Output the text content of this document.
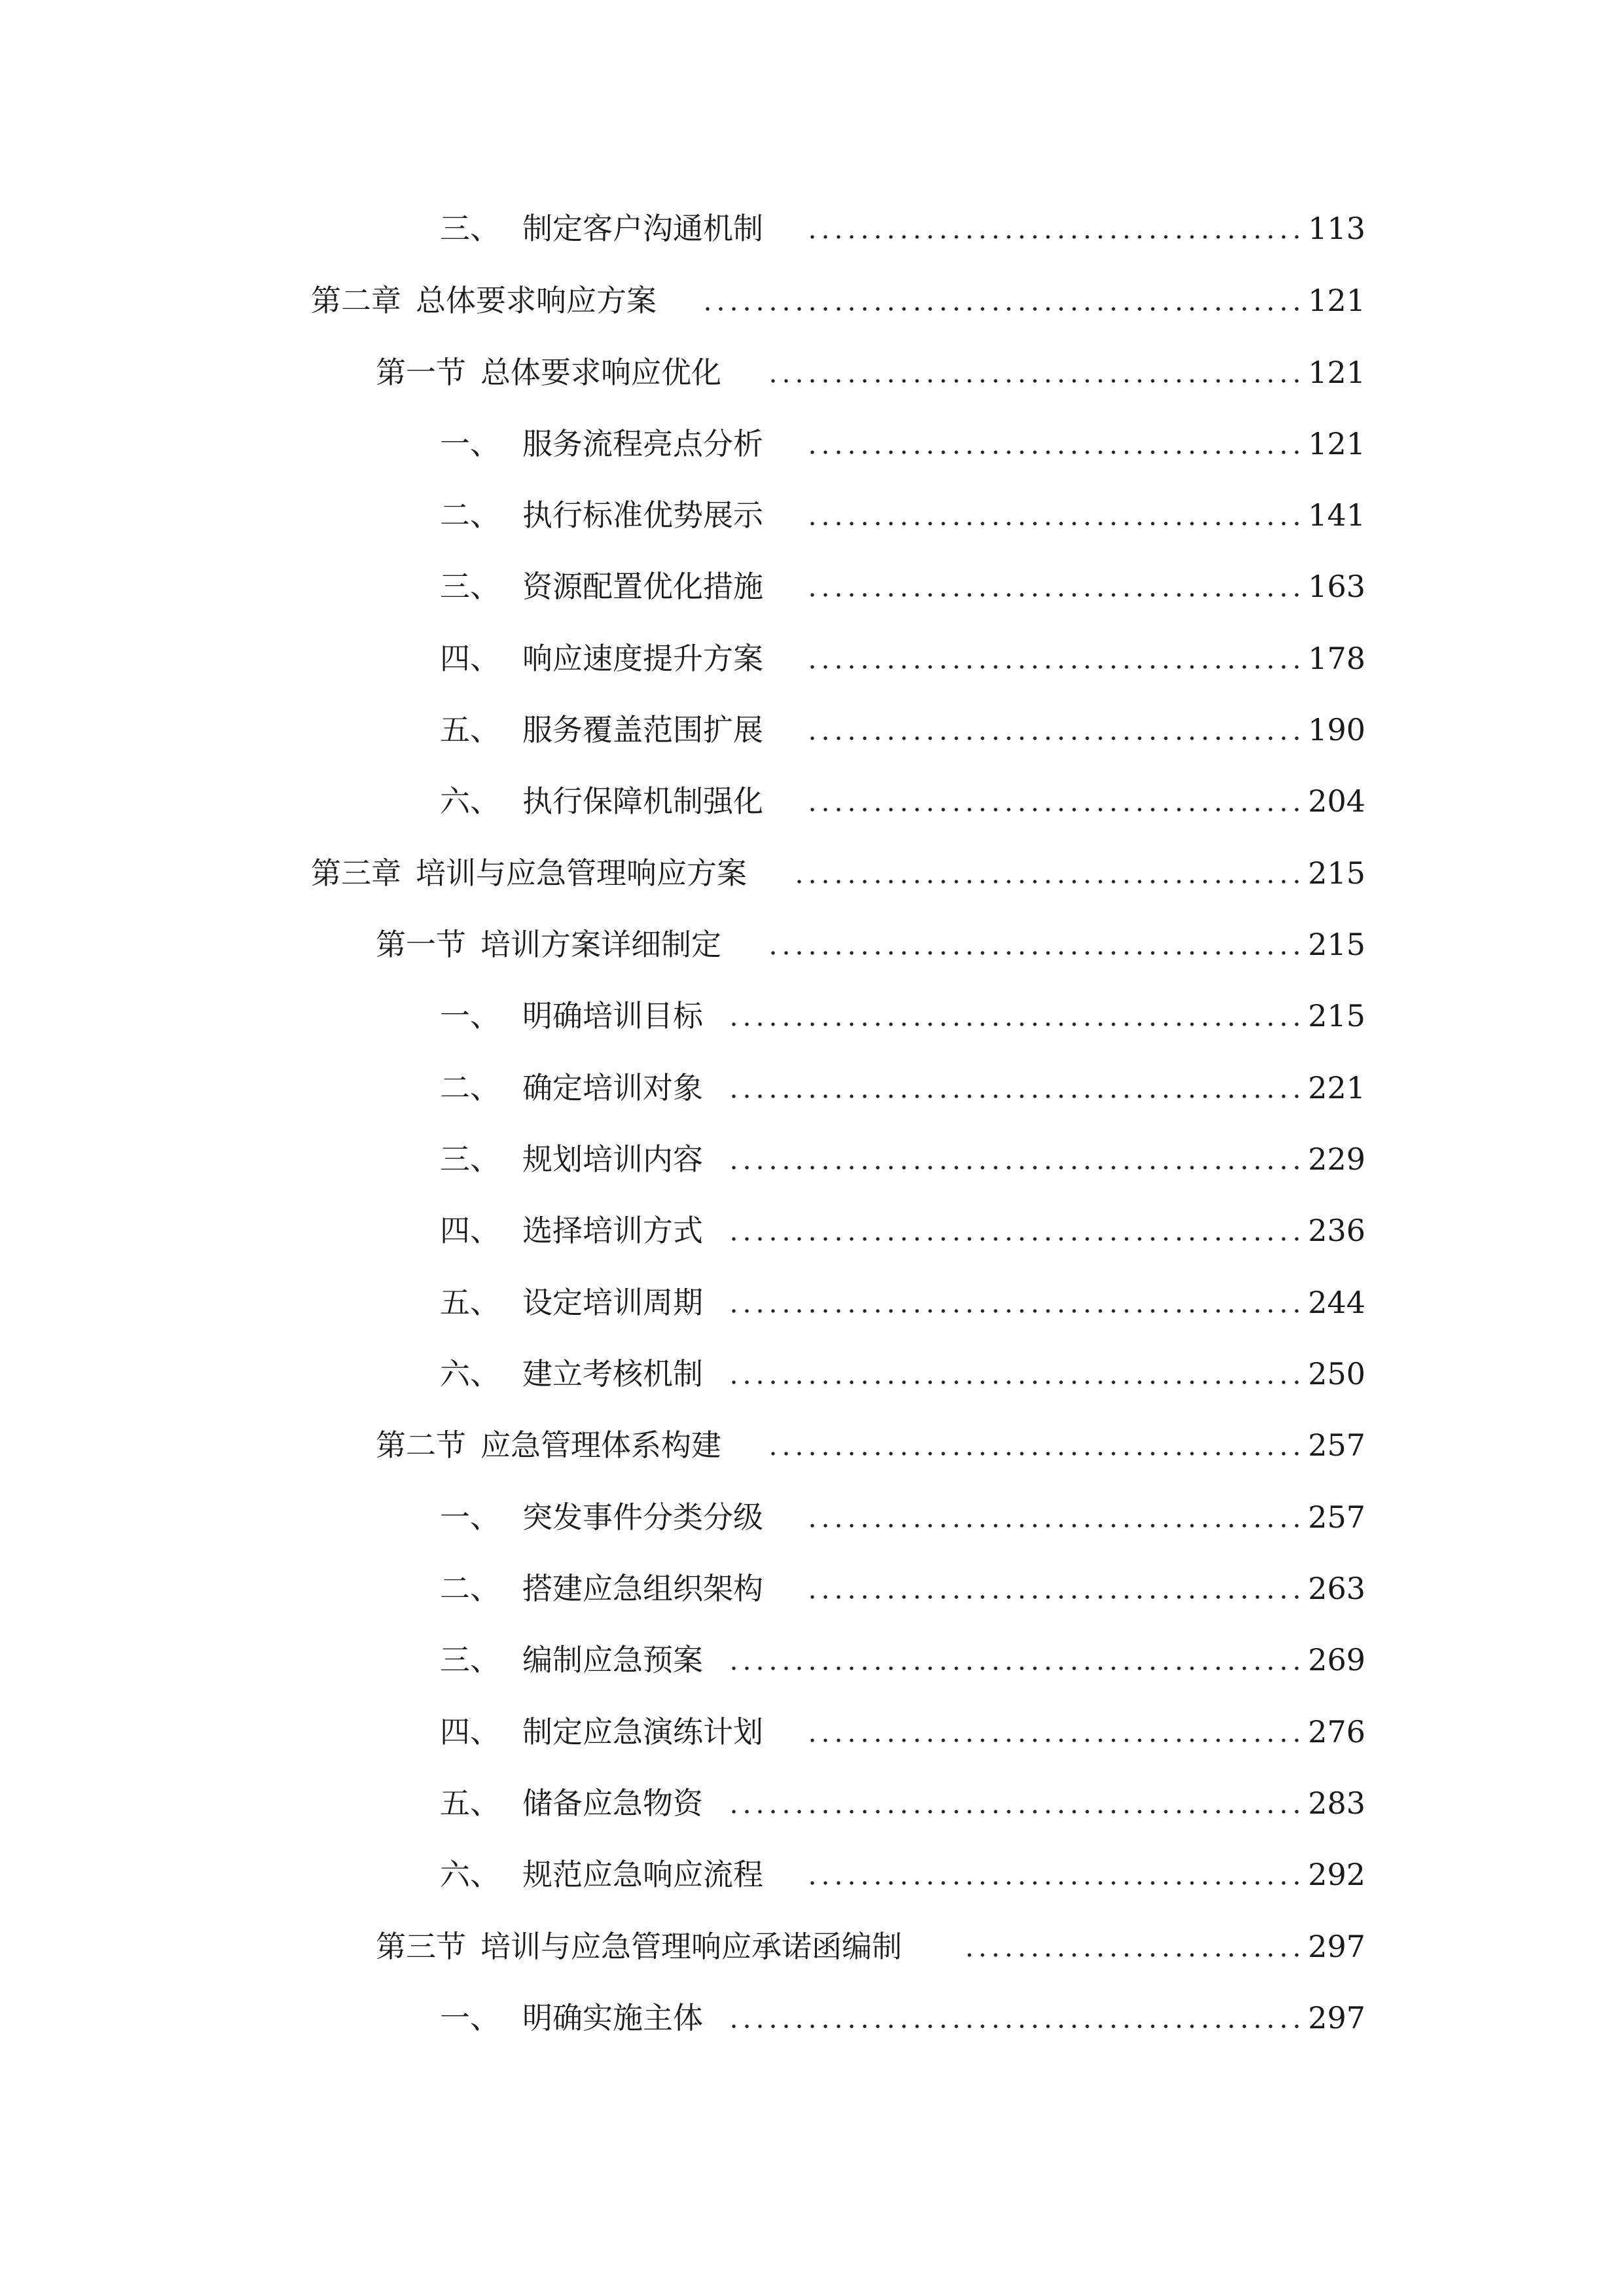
三、 制定客户沟通机制	113
第二章 总体要求响应方案	121
第一节 总体要求响应优化	121
一、 服务流程亮点分析	121
二、 执行标准优势展示	141
三、 资源配置优化措施	163
四、 响应速度提升方案	178
五、 服务覆盖范围扩展	190
六、 执行保障机制强化	204
第三章 培训与应急管理响应方案	215
第一节 培训方案详细制定	215
一、 明确培训目标	215
二、 确定培训对象	221
三、 规划培训内容	229
四、 选择培训方式	236
五、 设定培训周期	244
六、 建立考核机制	250
第二节 应急管理体系构建	257
一、 突发事件分类分级	257
二、 搭建应急组织架构	263
三、 编制应急预案	269
四、 制定应急演练计划	276
五、 储备应急物资	283
六、 规范应急响应流程	292
第三节 培训与应急管理响应承诺函编制	297
一、 明确实施主体	297
